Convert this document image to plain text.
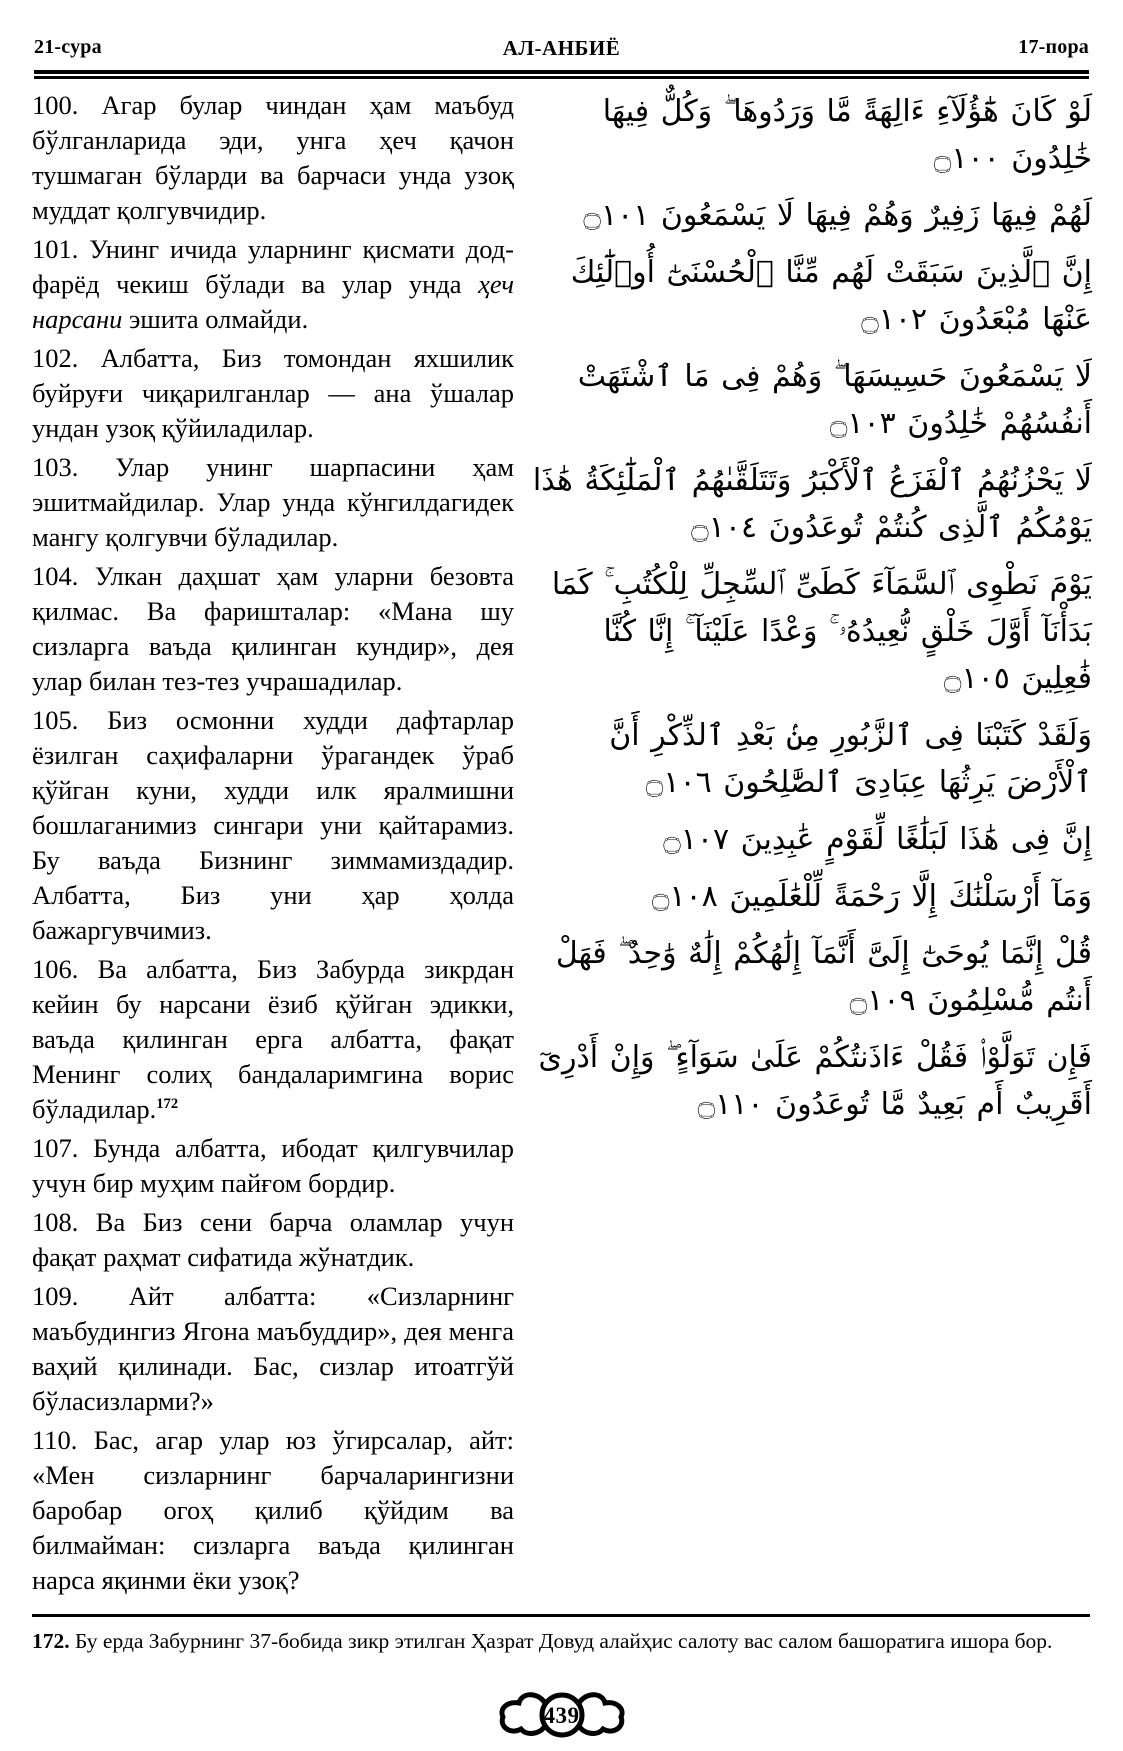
21-сура	АЛ-АНБИЁ	17-пора

100. Агар булар чиндан ҳам маъбуд бўлганларида эди, унга ҳеч қачон тушмаган бўларди ва барчаси унда узоқ муддат қолгувчидир.

101. Унинг ичида уларнинг қисмати дод-фарёд чекиш бўлади ва улар унда ҳеч нарсани эшита олмайди.

102. Албатта, Биз томондан яхшилик буйруғи чиқарилганлар — ана ўшалар ундан узоқ қўйиладилар.

103. Улар унинг шарпасини ҳам эшитмайдилар. Улар унда кўнгилдагидек мангу қолгувчи бўладилар.

104. Улкан даҳшат ҳам уларни безовта қилмас. Ва фаришталар: «Мана шу сизларга ваъда қилинган кундир», дея улар билан тез-тез учрашадилар.

105. Биз осмонни худди дафтарлар ёзилган саҳифаларни ўрагандек ўраб қўйган куни, худди илк яралмишни бошлаганимиз сингари уни қайтарамиз. Бу ваъда Бизнинг зиммамиздадир. Албатта, Биз уни ҳар ҳолда бажаргувчимиз.

106. Ва албатта, Биз Забурда зикрдан кейин бу нарсани ёзиб қўйган эдикки, ваъда қилинган ерга албатта, фақат Менинг солиҳ бандаларимгина ворис бўладилар.$^{172}$

107. Бунда албатта, ибодат қилгувчилар учун бир муҳим пайғом бордир.

108. Ва Биз сени барча оламлар учун фақат раҳмат сифатида жўнатдик.

109. Айт албатта: «Сизларнинг маъбудингиз Ягона маъбуддир», дея менга ваҳий қилинади. Бас, сизлар итоатгўй бўласизларми?»

110. Бас, агар улар юз ўгирсалар, айт: «Мен сизларнинг барчаларингизни баробар огоҳ қилиб қўйдим ва билмайман: сизларга ваъда қилинган нарса яқинми ёки узоқ?

لَوْ كَانَ هَٰٓؤُلَآءِ ءَالِهَةً مَّا وَرَدُوهَا ۖ وَكُلٌّ فِيهَا خَٰلِدُونَ ۝١٠٠

لَهُمْ فِيهَا زَفِيرٌ وَهُمْ فِيهَا لَا يَسْمَعُونَ ۝١٠١

إِنَّ ٱلَّذِينَ سَبَقَتْ لَهُم مِّنَّا ٱلْحُسْنَىٰٓ أُو۟لَٰٓئِكَ عَنْهَا مُبْعَدُونَ ۝١٠٢

لَا يَسْمَعُونَ حَسِيسَهَا ۖ وَهُمْ فِى مَا ٱشْتَهَتْ أَنفُسُهُمْ خَٰلِدُونَ ۝١٠٣

لَا يَحْزُنُهُمُ ٱلْفَزَعُ ٱلْأَكْبَرُ وَتَتَلَقَّىٰهُمُ ٱلْمَلَٰٓئِكَةُ هَٰذَا يَوْمُكُمُ ٱلَّذِى كُنتُمْ تُوعَدُونَ ۝١٠٤

يَوْمَ نَطْوِى ٱلسَّمَآءَ كَطَىِّ ٱلسِّجِلِّ لِلْكُتُبِ ۚ كَمَا بَدَأْنَآ أَوَّلَ خَلْقٍ نُّعِيدُهُۥ ۚ وَعْدًا عَلَيْنَآ ۚ إِنَّا كُنَّا فَٰعِلِينَ ۝١٠٥

وَلَقَدْ كَتَبْنَا فِى ٱلزَّبُورِ مِنۢ بَعْدِ ٱلذِّكْرِ أَنَّ ٱلْأَرْضَ يَرِثُهَا عِبَادِىَ ٱلصَّٰلِحُونَ ۝١٠٦

إِنَّ فِى هَٰذَا لَبَلَٰغًا لِّقَوْمٍ عَٰبِدِينَ ۝١٠٧

وَمَآ أَرْسَلْنَٰكَ إِلَّا رَحْمَةً لِّلْعَٰلَمِينَ ۝١٠٨

قُلْ إِنَّمَا يُوحَىٰٓ إِلَىَّ أَنَّمَآ إِلَٰهُكُمْ إِلَٰهٌ وَٰحِدٌ ۖ فَهَلْ أَنتُم مُّسْلِمُونَ ۝١٠٩

فَإِن تَوَلَّوْا۟ فَقُلْ ءَاذَنتُكُمْ عَلَىٰ سَوَآءٍ ۖ وَإِنْ أَدْرِىٓ أَقَرِيبٌ أَم بَعِيدٌ مَّا تُوعَدُونَ ۝١١٠

172. Бу ерда Забурнинг 37-бобида зикр этилган Ҳазрат Довуд алайҳис салоту вас салом башоратига ишора бор.
439
